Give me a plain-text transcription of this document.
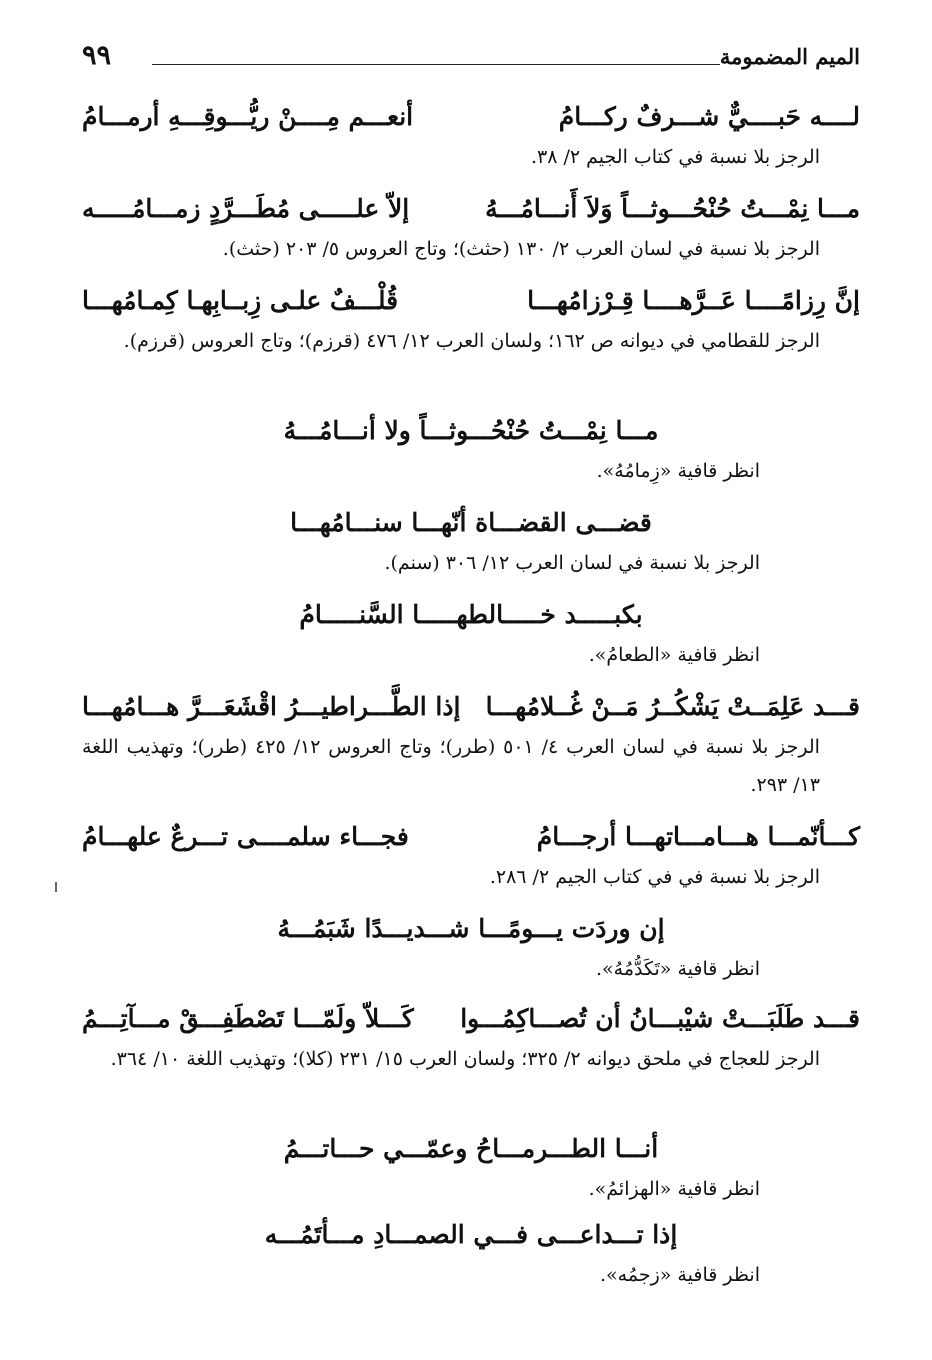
الميم المضمومة
٩٩
لــــه حَبــــيٌّ شـــرفٌ ركـــامُ
أنعـــم مِــــنْ ريُّـــوقِـــهِ أرمـــامُ
الرجز بلا نسبة في كتاب الجيم ٢/ ٣٨.
مـــا نِمْـــتُ حُنْحُـــوثـــاً وَلاَ أَنـــامُـــهُ
إلاّ علـــــى مُطَـــرَّدٍ زمـــامُـــــه
الرجز بلا نسبة في لسان العرب ٢/ ١٣٠ (حثث)؛ وتاج العروس ٥/ ٢٠٣ (حثث).
إنَّ رِزامًــــا عَــرَّهــــا قِـرْزامُهـــا
قُلْـــفٌ علـى زِبــابِهـا كِمـامُهـــا
الرجز للقطامي في ديوانه ص ١٦٢؛ ولسان العرب ١٢/ ٤٧٦ (قرزم)؛ وتاج العروس (قرزم).
مـــا نِمْـــتُ حُنْحُـــوثـــاً ولا أنـــامُـــهُ
انظر قافية «زِمامُهُ».
قضـــى القضـــاة أنّهـــا سنـــامُهـــا
الرجز بلا نسبة في لسان العرب ١٢/ ٣٠٦ (سنم).
بكبـــــد خـــــالطهـــــا السَّنـــــامُ
انظر قافية «الطعامُ».
قـــد عَلِمَــتْ يَشْكُــرُ مَــنْ غُــلامُهـــا
إذا الطَّـــراطيـــرُ اقْشَعَـــرَّ هـــامُهـــا
الرجز بلا نسبة في لسان العرب ٤/ ٥٠١ (طرر)؛ وتاج العروس ١٢/ ٤٢٥ (طرر)؛ وتهذيب اللغة ١٣/ ٢٩٣.
كـــأنّمـــا هـــامـــاتهـــا أرجـــامُ
فجـــاء سلمــــى تـــرعٌ علهـــامُ
الرجز بلا نسبة في في كتاب الجيم ٢/ ٢٨٦.
إن وردَت يـــومًـــا شـــديـــدًا شَبَمُـــهُ
انظر قافية «تَكَدُّمُهُ».
قـــد طَلَبَـــتْ شيْبـــانُ أن تُصـــاكِمُـــوا
كَـــلاّ ولَمّـــا تَصْطَفِـــقْ مـــآتِـــمُ
الرجز للعجاج في ملحق ديوانه ٢/ ٣٢٥؛ ولسان العرب ١٥/ ٢٣١ (كلا)؛ وتهذيب اللغة ١٠/ ٣٦٤.
أنـــا الطـــرمـــاحُ وعمّـــي حـــاتـــمُ
انظر قافية «الهزائمُ».
إذا تـــداعـــى فـــي الصمـــادِ مـــأتَمُـــه
انظر قافية «زجمُه».
